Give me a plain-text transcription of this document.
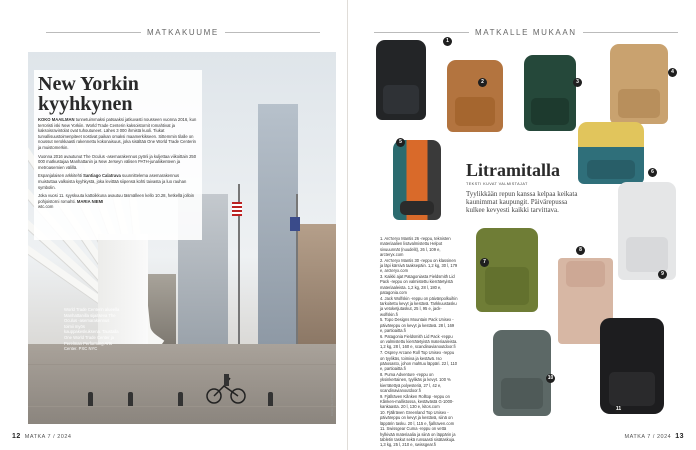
MATKAKUUME
World Trade Centerin alueella Manhattanilla sijaitseva The Oculus -asemarakennus toimii myös kauppakeskuksena. Taustalla One World Trade Center ja Perelman Performing Arts Center. PXC NYC
KUVA: SHUTTERSTOCK
New Yorkin kyyhkynen

KOKO MAAILMAN tunnetuimmaksi patsaaksi jatkuvasti nousseen vuonna 2016, kun terroristi iski New Yorkiin. World Trade Centerin kaksoistornit romahtivat ja kaksoisravintolat ovat tuhoutuneet. Lähes 3 000 ihmistä kuoli. Tiukat turvallisuustoimenpiteet nostivat paikan omaksi maamerkikseen. Sittemmin tilalle on noussut nerokkaasti rakennettu kokonaisuus, joka sisältää One World Trade Centerin ja muistomerkin.

Vuonna 2016 avautunut The Oculus -asemarakennus pyörii ja kuljettaa viikoittain 250 000 matkustajaa Manhattanin ja New Jerseyn välisen PATH-junaliikenteen ja metroasemien välillä.

Espanjalaisen arkkitehti Santiago Calatrava suunnittelema asemarakennus muistuttaa valkoista kyyhkystä, joka levittää siipensä kohti taivasta ja luo rauhan symbolin.

Joka vuosi 11. syyskuuta kattoikkuna avautuu täsmälleen kello 10.28, hetkellä jolloin pohjoistorni romahti. MARIA NIEMI

wtc.com
12 MATKA 7 / 2024
MATKALLE MUKAAN
1
2	3
4
5
6
7
8
9
10
11
Litramitalla
TEKSTI KUVAT VALMISTAJAT
Tyylikkään repun kanssa kelpaa keikata kaunimmat kaupungit. Päivärepussa kulkee kevyesti kaikki tarvittava.

1. Arc'teryx Mantis 26 -reppu, teknisten materiaalien lisävalmistettu Helpot sivuuunnät (nuudelit), 26 l, 109 e, arcteryx.com

2. Arc'teryx Mantis 30 -reppu on klassinen ja läpi kärsivä taaksepäin. 1,2 kg, 30 l, 179 e, arcteryx.com

3. Kaikki ajat Patagoniasta Fieldsmith Lid Pack -reppu on valmistettu kierrätetyistä materiaaleista. 1,2 kg, 28 l, 180 e, patagonia.com

4. Jack Wolfskin -reppu on päivänpolkuihin tarkoitettu kevyt ja kestävä. Tarkkuustasku ja vetoketjutaskut, 25 l, 95 e, jack-wolfskin.fi

5. Topo Designs Mountain Pack Unisex -päiväreppu on kevyt ja kestävä. 28 l, 169 e, partioaitta.fi

6. Patagonia Fieldsmith Lid Pack -reppu on valmistettu kierrätetyistä materiaaleista. 1,2 kg, 28 l, 160 e, scandinavianoutdoor.fi

7. Osprey Arcane Roll Top Unisex -reppu on tyylikäs, toimiva ja kestävä. Iso pääosasto, johon mahtuu läppäri. 22 l, 110 e, partioaitta.fi

8. Puma Adventure -reppu on yksinkertainen, tyylikäs ja kevyt. 100 % kierrätettyä polyesteriä, 27 l, 42 e, scandinavianoutdoor.fi

9. Fjällräven Kånken Rolltop -reppu on Kånken-mallistossa, kestävästä G-1000-kankaasta. 20 l, 130 e, kitos.com

10. Fjällräven Greenland Top Unisex -päiväreppu on kevyt ja kestävä, siinä on läppärin tasku. 20 l, 115 e, fjallraven.com

11. Swissgear Cuma -reppu on vettä hylkivää materiaalia ja siinä on läppärin ja tabletin taskut sekä runsaasti sisätaskuja. 1,3 kg, 25 l, 210 e, swissgear.fi

MATKA 7 / 2024 13
